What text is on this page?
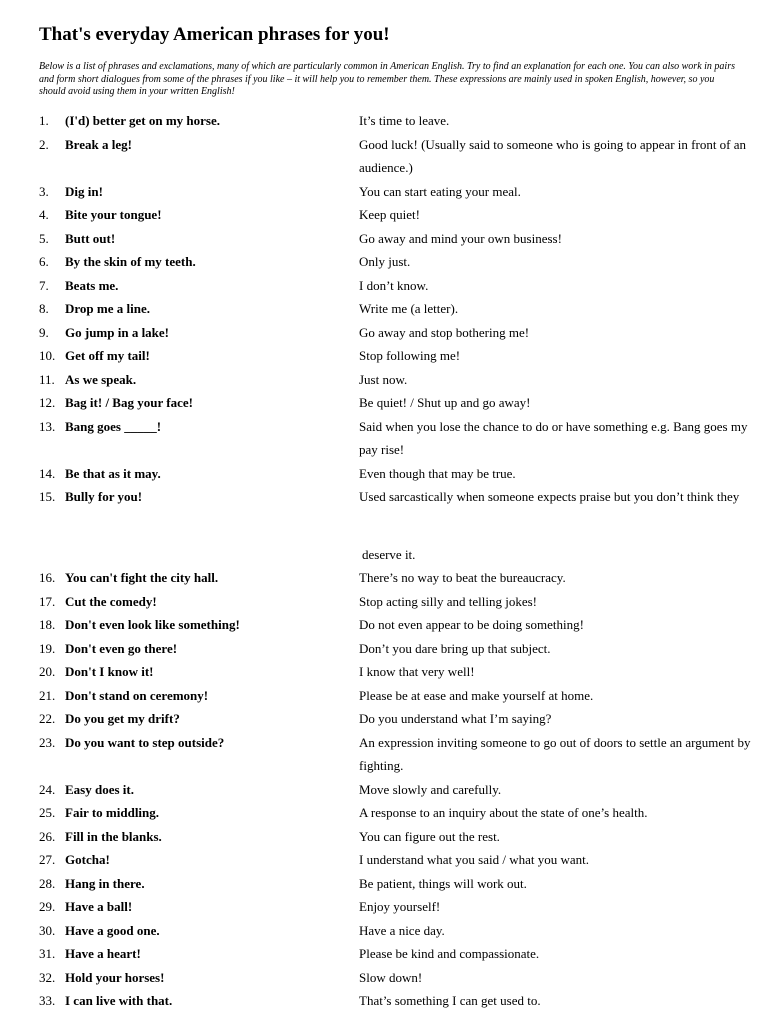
That's everyday American phrases for you!

Below is a list of phrases and exclamations, many of which are particularly common in American English. Try to find an explanation for each one. You can also work in pairs and form short dialogues from some of the phrases if you like – it will help you to remember them. These expressions are mainly used in spoken English, however, so you should avoid using them in your written English!

1. (I'd) better get on my horse.	It’s time to leave.
2. Break a leg!	Good luck! (Usually said to someone who is going to appear in front of an audience.)
3. Dig in!	You can start eating your meal.
4. Bite your tongue!	Keep quiet!
5. Butt out!	Go away and mind your own business!
6. By the skin of my teeth.	Only just.
7. Beats me.	I don’t know.
8. Drop me a line.	Write me (a letter).
9. Go jump in a lake!	Go away and stop bothering me!
10. Get off my tail!	Stop following me!
11. As we speak.	Just now.
12. Bag it! / Bag your face!	Be quiet! / Shut up and go away!
13. Bang goes _____!	Said when you lose the chance to do or have something e.g. Bang goes my pay rise!
14. Be that as it may.	Even though that may be true.
15. Bully for you!	Used sarcastically when someone expects praise but you don’t think they
deserve it.
16. You can't fight the city hall.	There’s no way to beat the bureaucracy.
17. Cut the comedy!	Stop acting silly and telling jokes!
18. Don't even look like something!	Do not even appear to be doing something!
19. Don't even go there!	Don’t you dare bring up that subject.
20. Don't I know it!	I know that very well!
21. Don't stand on ceremony!	Please be at ease and make yourself at home.
22. Do you get my drift?	Do you understand what I’m saying?
23. Do you want to step outside?	An expression inviting someone to go out of doors to settle an argument by fighting.
24. Easy does it.	Move slowly and carefully.
25. Fair to middling.	A response to an inquiry about the state of one’s health.
26. Fill in the blanks.	You can figure out the rest.
27. Gotcha!	I understand what you said / what you want.
28. Hang in there.	Be patient, things will work out.
29. Have a ball!	Enjoy yourself!
30. Have a good one.	Have a nice day.
31. Have a heart!	Please be kind and compassionate.
32. Hold your horses!	Slow down!
33. I can live with that.	That’s something I can get used to.
